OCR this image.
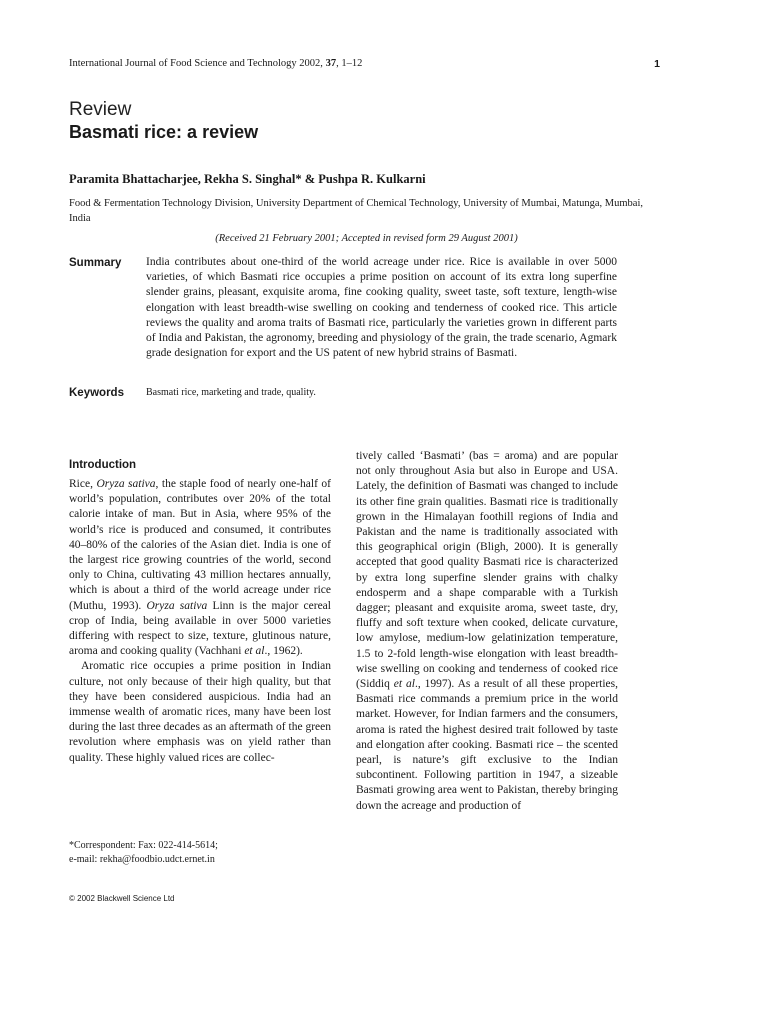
International Journal of Food Science and Technology 2002, 37, 1–12	1
Review
Basmati rice: a review
Paramita Bhattacharjee, Rekha S. Singhal* & Pushpa R. Kulkarni
Food & Fermentation Technology Division, University Department of Chemical Technology, University of Mumbai, Matunga, Mumbai, India
(Received 21 February 2001; Accepted in revised form 29 August 2001)
Summary India contributes about one-third of the world acreage under rice. Rice is available in over 5000 varieties, of which Basmati rice occupies a prime position on account of its extra long superfine slender grains, pleasant, exquisite aroma, fine cooking quality, sweet taste, soft texture, length-wise elongation with least breadth-wise swelling on cooking and tenderness of cooked rice. This article reviews the quality and aroma traits of Basmati rice, particularly the varieties grown in different parts of India and Pakistan, the agronomy, breeding and physiology of the grain, the trade scenario, Agmark grade designation for export and the US patent of new hybrid strains of Basmati.
Keywords Basmati rice, marketing and trade, quality.
Introduction

Rice, Oryza sativa, the staple food of nearly one-half of world’s population, contributes over 20% of the total calorie intake of man. But in Asia, where 95% of the world’s rice is produced and consumed, it contributes 40–80% of the calories of the Asian diet. India is one of the largest rice growing countries of the world, second only to China, cultivating 43 million hectares annually, which is about a third of the world acreage under rice (Muthu, 1993). Oryza sativa Linn is the major cereal crop of India, being available in over 5000 varieties differing with respect to size, texture, glutinous nature, aroma and cooking quality (Vachhani et al., 1962).

Aromatic rice occupies a prime position in Indian culture, not only because of their high quality, but that they have been considered auspicious. India had an immense wealth of aromatic rices, many have been lost during the last three decades as an aftermath of the green revolution where emphasis was on yield rather than quality. These highly valued rices are collec-

tively called ‘Basmati’ (bas = aroma) and are popular not only throughout Asia but also in Europe and USA. Lately, the definition of Basmati was changed to include its other fine grain qualities. Basmati rice is traditionally grown in the Himalayan foothill regions of India and Pakistan and the name is traditionally associated with this geographical origin (Bligh, 2000). It is generally accepted that good quality Basmati rice is characterized by extra long superfine slender grains with chalky endosperm and a shape comparable with a Turkish dagger; pleasant and exquisite aroma, sweet taste, dry, fluffy and soft texture when cooked, delicate curvature, low amylose, medium-low gelatinization temperature, 1.5 to 2-fold length-wise elongation with least breadth-wise swelling on cooking and tenderness of cooked rice (Siddiq et al., 1997). As a result of all these properties, Basmati rice commands a premium price in the world market. However, for Indian farmers and the consumers, aroma is rated the highest desired trait followed by taste and elongation after cooking. Basmati rice – the scented pearl, is nature’s gift exclusive to the Indian subcontinent. Following partition in 1947, a sizeable Basmati growing area went to Pakistan, thereby bringing down the acreage and production of

*Correspondent: Fax: 022-414-5614;
e-mail: rekha@foodbio.udct.ernet.in
© 2002 Blackwell Science Ltd
